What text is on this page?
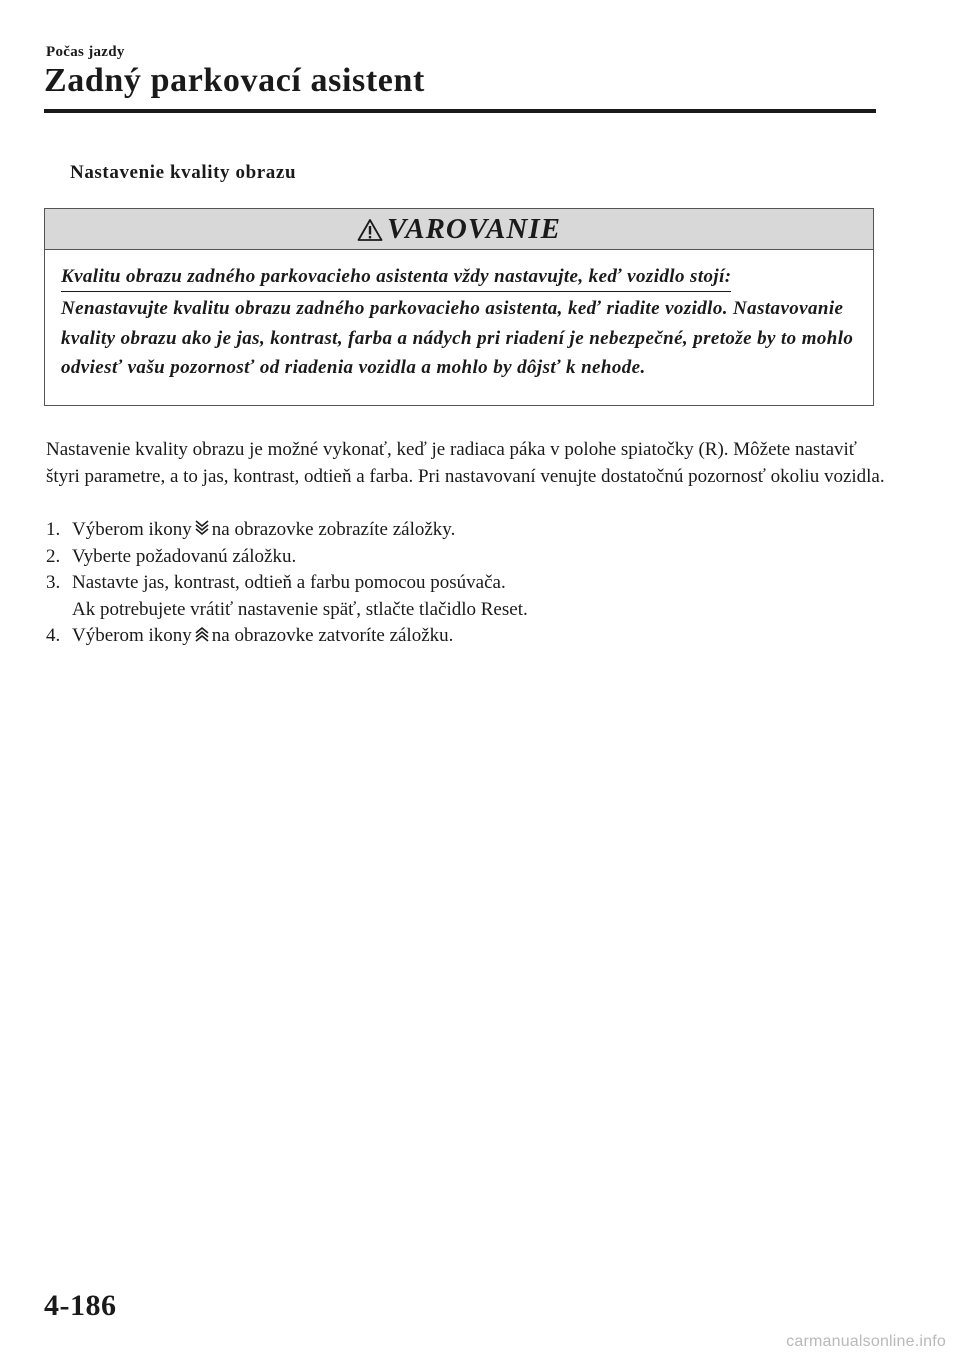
Počas jazdy
Zadný parkovací asistent
Nastavenie kvality obrazu
VAROVANIE
Kvalitu obrazu zadného parkovacieho asistenta vždy nastavujte, keď vozidlo stojí:
Nenastavujte kvalitu obrazu zadného parkovacieho asistenta, keď riadite vozidlo. Nastavovanie kvality obrazu ako je jas, kontrast, farba a nádych pri riadení je nebezpečné, pretože by to mohlo odviesť vašu pozornosť od riadenia vozidla a mohlo by dôjsť k nehode.
Nastavenie kvality obrazu je možné vykonať, keď je radiaca páka v polohe spiatočky (R). Môžete nastaviť štyri parametre, a to jas, kontrast, odtieň a farba. Pri nastavovaní venujte dostatočnú pozornosť okoliu vozidla.
1. Výberom ikony na obrazovke zobrazíte záložky.
2. Vyberte požadovanú záložku.
3. Nastavte jas, kontrast, odtieň a farbu pomocou posúvača.
Ak potrebujete vrátiť nastavenie späť, stlačte tlačidlo Reset.
4. Výberom ikony na obrazovke zatvoríte záložku.
4-186
carmanualsonline.info
